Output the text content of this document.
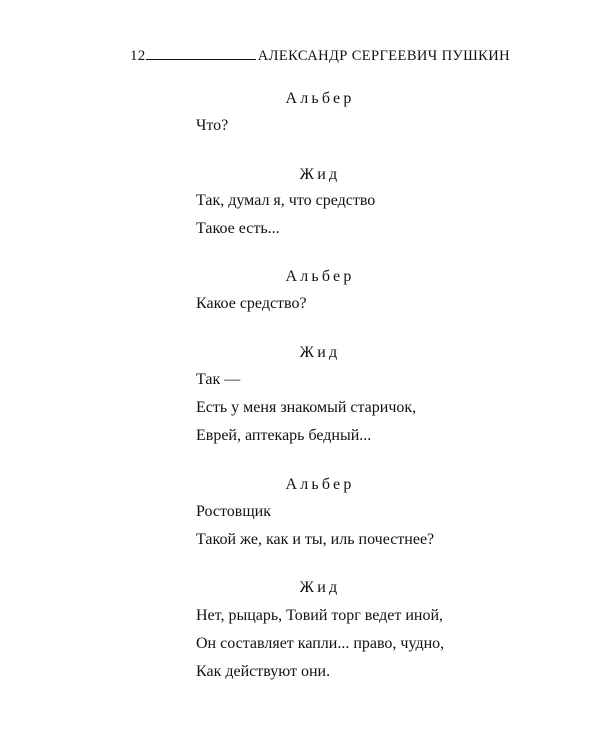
12	АЛЕКСАНДР СЕРГЕЕВИЧ ПУШКИН
Альбер
Что?
Жид
Так, думал я, что средство
Такое есть...
Альбер
Какое средство?
Жид
Так —
Есть у меня знакомый старичок,
Еврей, аптекарь бедный...
Альбер
Ростовщик
Такой же, как и ты, иль почестнее?
Жид
Нет, рыцарь, Товий торг ведет иной,
Он составляет капли... право, чудно,
Как действуют они.
